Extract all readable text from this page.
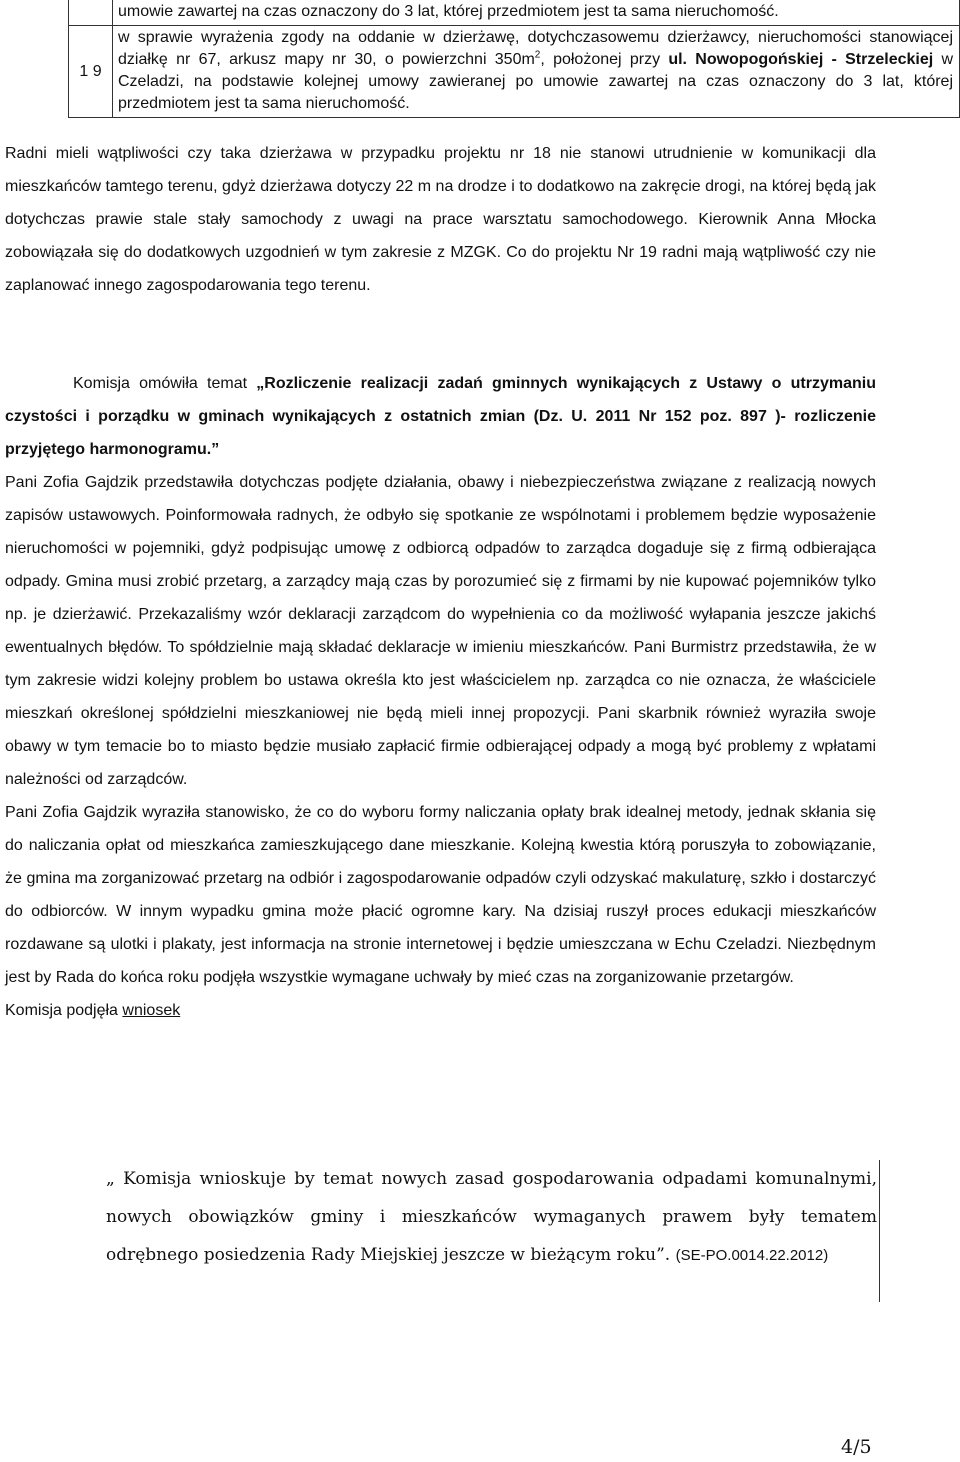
umowie zawartej na czas oznaczony do 3 lat, której przedmiotem jest ta sama nieruchomość.
1 9
w sprawie wyrażenia zgody na oddanie w dzierżawę, dotychczasowemu dzierżawcy, nieruchomości stanowiącej działkę nr 67, arkusz mapy nr 30, o powierzchni $350m^2$, położonej przy ul. Nowopogońskiej - Strzeleckiej w Czeladzi, na podstawie kolejnej umowy zawieranej po umowie zawartej na czas oznaczony do 3 lat, której przedmiotem jest ta sama nieruchomość.

Radni mieli wątpliwości czy taka dzierżawa w przypadku projektu nr 18 nie stanowi utrudnienie w komunikacji dla mieszkańców tamtego terenu, gdyż dzierżawa dotyczy 22 m na drodze i to dodatkowo na zakręcie drogi, na której będą jak dotychczas prawie stale stały samochody z uwagi na prace warsztatu samochodowego. Kierownik Anna Młocka zobowiązała się do dodatkowych uzgodnień w tym zakresie z MZGK. Co do projektu Nr 19 radni mają wątpliwość czy nie zaplanować innego zagospodarowania tego terenu.

Komisja omówiła temat „Rozliczenie realizacji zadań gminnych wynikających z Ustawy o utrzymaniu czystości i porządku w gminach wynikających z ostatnich zmian (Dz. U. 2011 Nr 152 poz. 897 )- rozliczenie przyjętego harmonogramu.”

Pani Zofia Gajdzik przedstawiła dotychczas podjęte działania, obawy i niebezpieczeństwa związane z realizacją nowych zapisów ustawowych. Poinformowała radnych, że odbyło się spotkanie ze wspólnotami i problemem będzie wyposażenie nieruchomości w pojemniki, gdyż podpisując umowę z odbiorcą odpadów to zarządca dogaduje się z firmą odbierająca odpady. Gmina musi zrobić przetarg, a zarządcy mają czas by porozumieć się z firmami by nie kupować pojemników tylko np. je dzierżawić. Przekazaliśmy wzór deklaracji zarządcom do wypełnienia co da możliwość wyłapania jeszcze jakichś ewentualnych błędów. To spółdzielnie mają składać deklaracje w imieniu mieszkańców. Pani Burmistrz przedstawiła, że w tym zakresie widzi kolejny problem bo ustawa określa kto jest właścicielem np. zarządca co nie oznacza, że właściciele mieszkań określonej spółdzielni mieszkaniowej nie będą mieli innej propozycji. Pani skarbnik również wyraziła swoje obawy w tym temacie bo to miasto będzie musiało zapłacić firmie odbierającej odpady a mogą być problemy z wpłatami należności od zarządców.

Pani Zofia Gajdzik wyraziła stanowisko, że co do wyboru formy naliczania opłaty brak idealnej metody, jednak skłania się do naliczania opłat od mieszkańca zamieszkującego dane mieszkanie. Kolejną kwestia którą poruszyła to zobowiązanie, że gmina ma zorganizować przetarg na odbiór i zagospodarowanie odpadów czyli odzyskać makulaturę, szkło i dostarczyć do odbiorców. W innym wypadku gmina może płacić ogromne kary. Na dzisiaj ruszył proces edukacji mieszkańców rozdawane są ulotki i plakaty, jest informacja na stronie internetowej i będzie umieszczana w Echu Czeladzi. Niezbędnym jest by Rada do końca roku podjęła wszystkie wymagane uchwały by mieć czas na zorganizowanie przetargów.

Komisja podjęła wniosek

„ Komisja wnioskuje by temat nowych zasad gospodarowania odpadami komunalnymi, nowych obowiązków gminy i mieszkańców wymaganych prawem były tematem odrębnego posiedzenia Rady Miejskiej jeszcze w bieżącym roku”. (SE-PO.0014.22.2012)
4/5
